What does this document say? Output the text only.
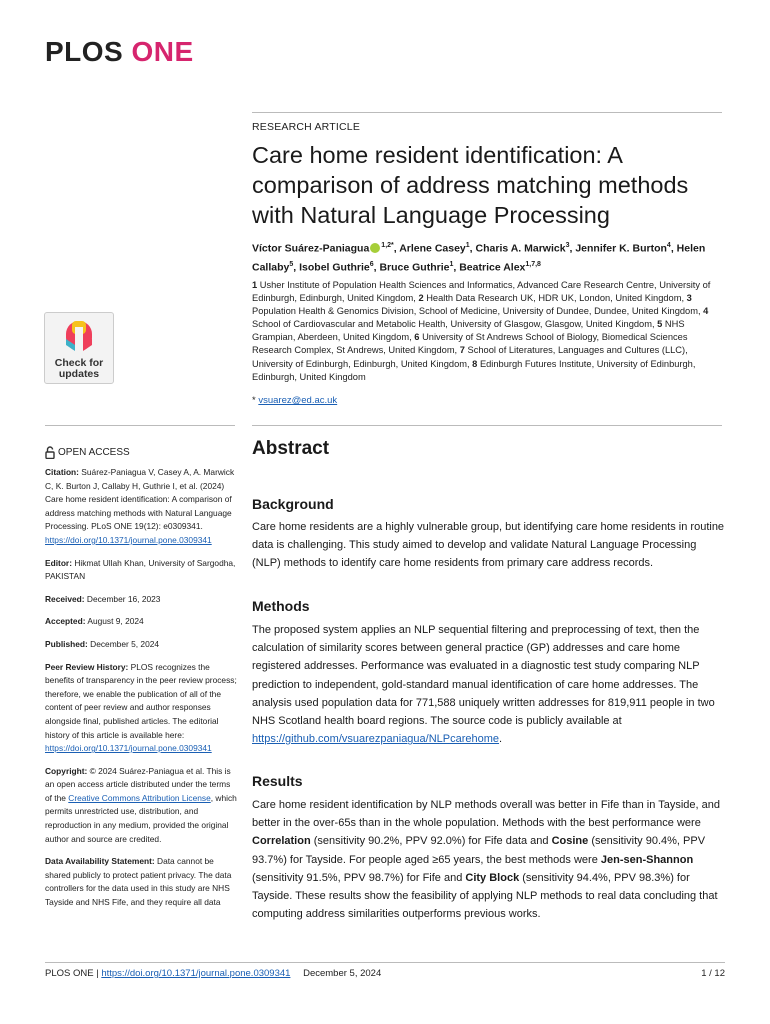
PLOS ONE
RESEARCH ARTICLE
Care home resident identification: A comparison of address matching methods with Natural Language Processing
Víctor Suárez-Paniagua $^{1,2*}$, Arlene Casey$^1$, Charis A. Marwick$^3$, Jennifer K. Burton$^4$, Helen Callaby$^5$, Isobel Guthrie$^6$, Bruce Guthrie$^1$, Beatrice Alex$^{1,7,8}$
1 Usher Institute of Population Health Sciences and Informatics, Advanced Care Research Centre, University of Edinburgh, Edinburgh, United Kingdom, 2 Health Data Research UK, HDR UK, London, United Kingdom, 3 Population Health & Genomics Division, School of Medicine, University of Dundee, Dundee, United Kingdom, 4 School of Cardiovascular and Metabolic Health, University of Glasgow, Glasgow, United Kingdom, 5 NHS Grampian, Aberdeen, United Kingdom, 6 University of St Andrews School of Biology, Biomedical Sciences Research Complex, St Andrews, United Kingdom, 7 School of Literatures, Languages and Cultures (LLC), University of Edinburgh, Edinburgh, United Kingdom, 8 Edinburgh Futures Institute, University of Edinburgh, Edinburgh, United Kingdom
* vsuarez@ed.ac.uk
Check for
updates
OPEN ACCESS

Citation: Suárez-Paniagua V, Casey A, A. Marwick C, K. Burton J, Callaby H, Guthrie I, et al. (2024) Care home resident identification: A comparison of address matching methods with Natural Language Processing. PLoS ONE 19(12): e0309341. https://doi.org/10.1371/journal.pone.0309341

Editor: Hikmat Ullah Khan, University of Sargodha, PAKISTAN

Received: December 16, 2023

Accepted: August 9, 2024

Published: December 5, 2024

Peer Review History: PLOS recognizes the benefits of transparency in the peer review process; therefore, we enable the publication of all of the content of peer review and author responses alongside final, published articles. The editorial history of this article is available here: https://doi.org/10.1371/journal.pone.0309341

Copyright: © 2024 Suárez-Paniagua et al. This is an open access article distributed under the terms of the Creative Commons Attribution License, which permits unrestricted use, distribution, and reproduction in any medium, provided the original author and source are credited.

Data Availability Statement: Data cannot be shared publicly to protect patient privacy. The data controllers for the data used in this study are NHS Tayside and NHS Fife, and they require all data

Abstract
Background

Care home residents are a highly vulnerable group, but identifying care home residents in routine data is challenging. This study aimed to develop and validate Natural Language Processing (NLP) methods to identify care home residents from primary care address records.

Methods

The proposed system applies an NLP sequential filtering and preprocessing of text, then the calculation of similarity scores between general practice (GP) addresses and care home registered addresses. Performance was evaluated in a diagnostic test study comparing NLP prediction to independent, gold-standard manual identification of care home addresses. The analysis used population data for 771,588 uniquely written addresses for 819,911 people in two NHS Scotland health board regions. The source code is publicly available at https://github.com/vsuarezpaniagua/NLPcarehome.

Results

Care home resident identification by NLP methods overall was better in Fife than in Tayside, and better in the over-65s than in the whole population. Methods with the best performance were Correlation (sensitivity 90.2%, PPV 92.0%) for Fife data and Cosine (sensitivity 90.4%, PPV 93.7%) for Tayside. For people aged ≥65 years, the best methods were Jen-sen-Shannon (sensitivity 91.5%, PPV 98.7%) for Fife and City Block (sensitivity 94.4%, PPV 98.3%) for Tayside. These results show the feasibility of applying NLP methods to real data concluding that computing address similarities outperforms previous works.

PLOS ONE | https://doi.org/10.1371/journal.pone.0309341 December 5, 2024	1 / 12
